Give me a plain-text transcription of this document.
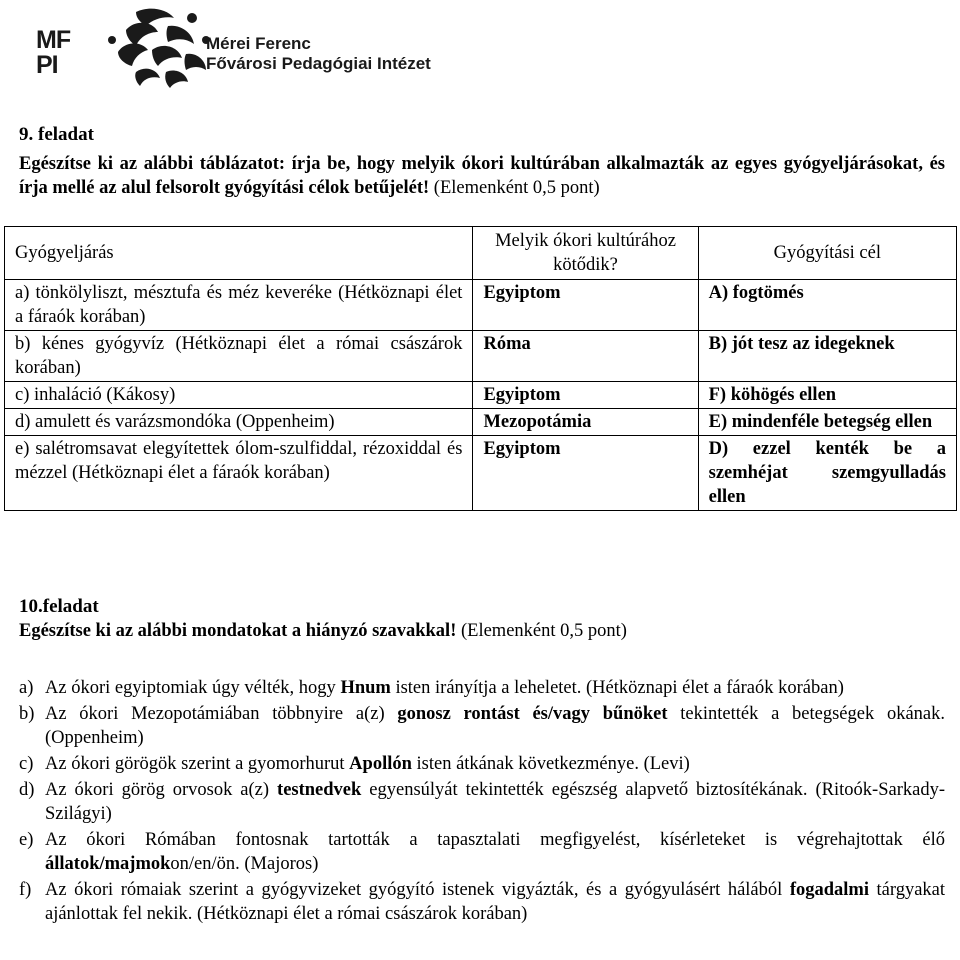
MF
PI
Mérei Ferenc
Fővárosi Pedagógiai Intézet
9. feladat
Egészítse ki az alábbi táblázatot: írja be, hogy melyik ókori kultúrában alkalmazták az egyes gyógyeljárásokat, és írja mellé az alul felsorolt gyógyítási célok betűjelét! (Elemenként 0,5 pont)
Gyógyeljárás	Melyik ókori kultúrához kötődik?	Gyógyítási cél
a) tönkölyliszt, mésztufa és méz keveréke (Hétköznapi élet a fáraók korában)	Egyiptom	A) fogtömés
b) kénes gyógyvíz (Hétköznapi élet a római császárok korában)	Róma	B) jót tesz az idegeknek
c) inhaláció (Kákosy)	Egyiptom	F) köhögés ellen
d) amulett és varázsmondóka (Oppenheim)	Mezopotámia	E) mindenféle betegség ellen
e) salétromsavat elegyítettek ólom-szulfiddal, rézoxiddal és mézzel (Hétköznapi élet a fáraók korában)	Egyiptom	D) ezzel kenték be a szemhéjat szemgyulladás ellen
10.feladat
Egészítse ki az alábbi mondatokat a hiányzó szavakkal! (Elemenként 0,5 pont)
a) Az ókori egyiptomiak úgy vélték, hogy Hnum isten irányítja a leheletet. (Hétköznapi élet a fáraók korában)
b) Az ókori Mezopotámiában többnyire a(z) gonosz rontást és/vagy bűnöket tekintették a betegségek okának. (Oppenheim)
c) Az ókori görögök szerint a gyomorhurut Apollón isten átkának következménye. (Levi)
d) Az ókori görög orvosok a(z) testnedvek egyensúlyát tekintették egészség alapvető biztosítékának. (Ritoók-Sarkady-Szilágyi)
e) Az ókori Rómában fontosnak tartották a tapasztalati megfigyelést, kísérleteket is végrehajtottak élő állatok/majmokon/en/ön. (Majoros)
f) Az ókori rómaiak szerint a gyógyvizeket gyógyító istenek vigyázták, és a gyógyulásért hálából fogadalmi tárgyakat ajánlottak fel nekik. (Hétköznapi élet a római császárok korában)
